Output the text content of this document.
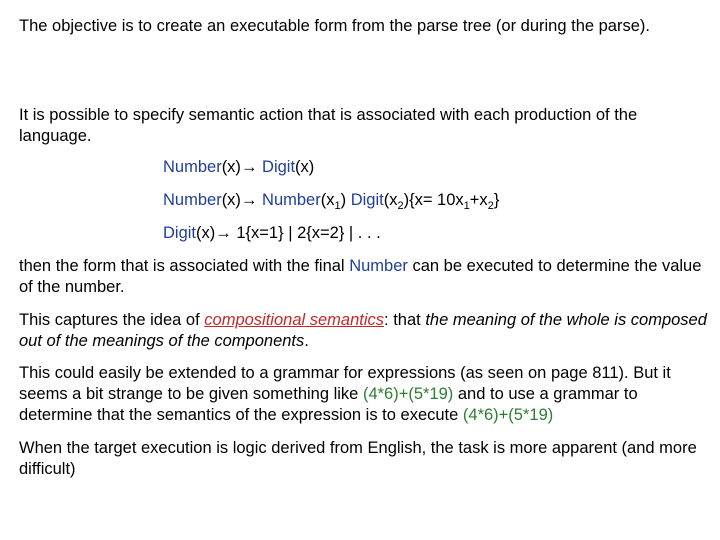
The objective is to create an executable form from the parse tree (or during the parse).

It is possible to specify semantic action that is associated with each production of the language.

Number(x)→ Digit(x)

Number(x)→ $Number(x_1)$ $Digit(x_2)\{x= 10x_1+x_2\}$

Digit(x)→ 1{x=1} | 2{x=2} | . . .

then the form that is associated with the final Number can be executed to determine the value of the number.

This captures the idea of compositional semantics: that the meaning of the whole is composed out of the meanings of the components.

This could easily be extended to a grammar for expressions (as seen on page 811). But it seems a bit strange to be given something like (4*6)+(5*19) and to use a grammar to determine that the semantics of the expression is to execute (4*6)+(5*19)

When the target execution is logic derived from English, the task is more apparent (and more difficult)
